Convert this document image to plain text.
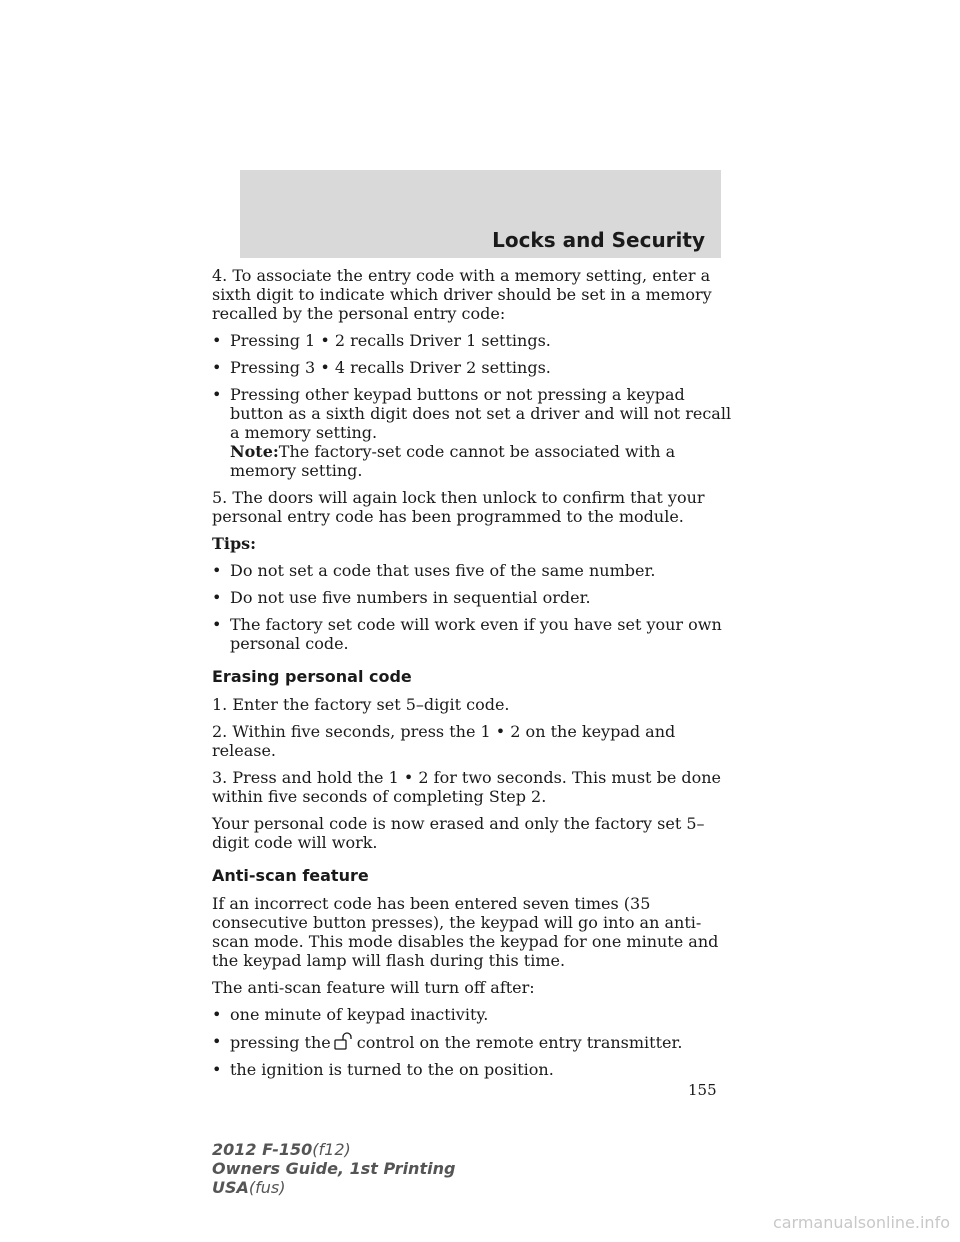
Locks and Security

4. To associate the entry code with a memory setting, enter a sixth digit to indicate which driver should be set in a memory recalled by the personal entry code:

• Pressing 1 • 2 recalls Driver 1 settings.
• Pressing 3 • 4 recalls Driver 2 settings.
• Pressing other keypad buttons or not pressing a keypad button as a sixth digit does not set a driver and will not recall a memory setting.
Note:The factory-set code cannot be associated with a memory setting.

5. The doors will again lock then unlock to confirm that your personal entry code has been programmed to the module.

Tips:
• Do not set a code that uses five of the same number.
• Do not use five numbers in sequential order.
• The factory set code will work even if you have set your own personal code.
Erasing personal code

1. Enter the factory set 5–digit code.

2. Within five seconds, press the 1 • 2 on the keypad and release.

3. Press and hold the 1 • 2 for two seconds. This must be done within five seconds of completing Step 2.

Your personal code is now erased and only the factory set 5–digit code will work.

Anti-scan feature

If an incorrect code has been entered seven times (35 consecutive button presses), the keypad will go into an anti-scan mode. This mode disables the keypad for one minute and the keypad lamp will flash during this time.

The anti-scan feature will turn off after:

• one minute of keypad inactivity.
• pressing the control on the remote entry transmitter.
• the ignition is turned to the on position.
155
2012 F-150(f12)
Owners Guide, 1st Printing
USA(fus)
carmanualsonline.info
